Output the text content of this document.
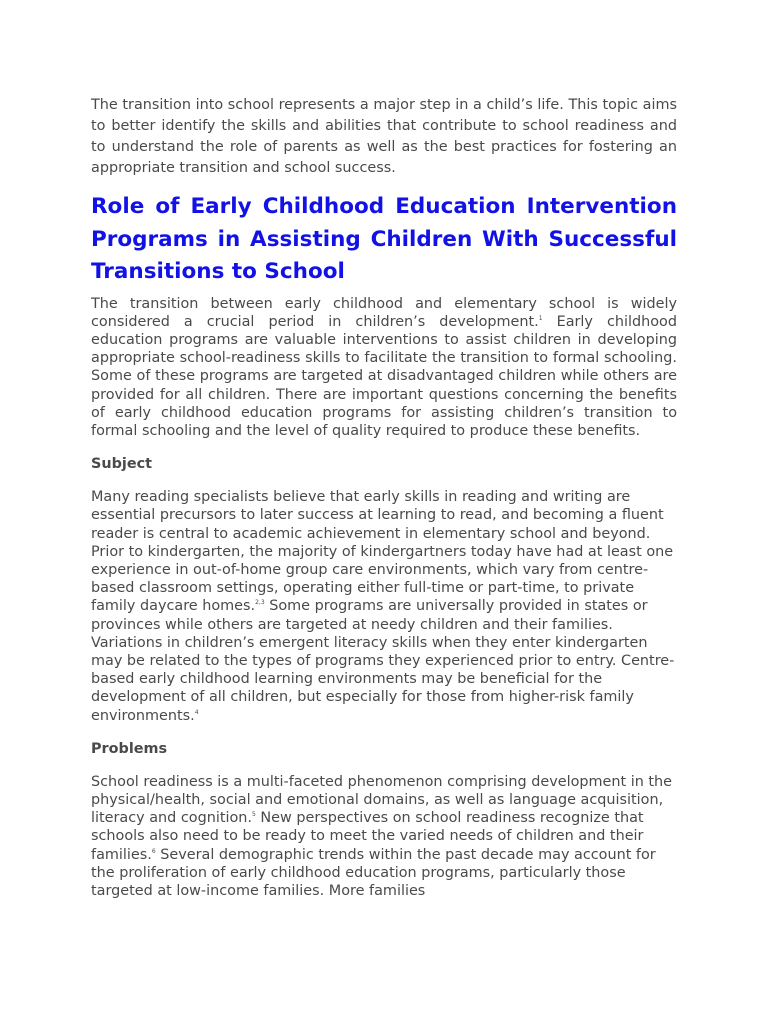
The transition into school represents a major step in a child’s life. This topic aims to better identify the skills and abilities that contribute to school readiness and to understand the role of parents as well as the best practices for fostering an appropriate transition and school success.

Role of Early Childhood Education Intervention Programs in Assisting Children With Successful Transitions to School

The transition between early childhood and elementary school is widely considered a crucial period in children’s development.$^1$ Early childhood education programs are valuable interventions to assist children in developing appropriate school-readiness skills to facilitate the transition to formal schooling. Some of these programs are targeted at disadvantaged children while others are provided for all children. There are important questions concerning the benefits of early childhood education programs for assisting children’s transition to formal schooling and the level of quality required to produce these benefits.

Subject

Many reading specialists believe that early skills in reading and writing are essential precursors to later success at learning to read, and becoming a fluent reader is central to academic achievement in elementary school and beyond. Prior to kindergarten, the majority of kindergartners today have had at least one experience in out-of-home group care environments, which vary from centre-based classroom settings, operating either full-time or part-time, to private family daycare homes.$^{2,3}$ Some programs are universally provided in states or provinces while others are targeted at needy children and their families. Variations in children’s emergent literacy skills when they enter kindergarten may be related to the types of programs they experienced prior to entry. Centre-based early childhood learning environments may be beneficial for the development of all children, but especially for those from higher-risk family environments.$^4$

Problems

School readiness is a multi-faceted phenomenon comprising development in the physical/health, social and emotional domains, as well as language acquisition, literacy and cognition.$^5$ New perspectives on school readiness recognize that schools also need to be ready to meet the varied needs of children and their families.$^6$ Several demographic trends within the past decade may account for the proliferation of early childhood education programs, particularly those targeted at low-income families. More families
